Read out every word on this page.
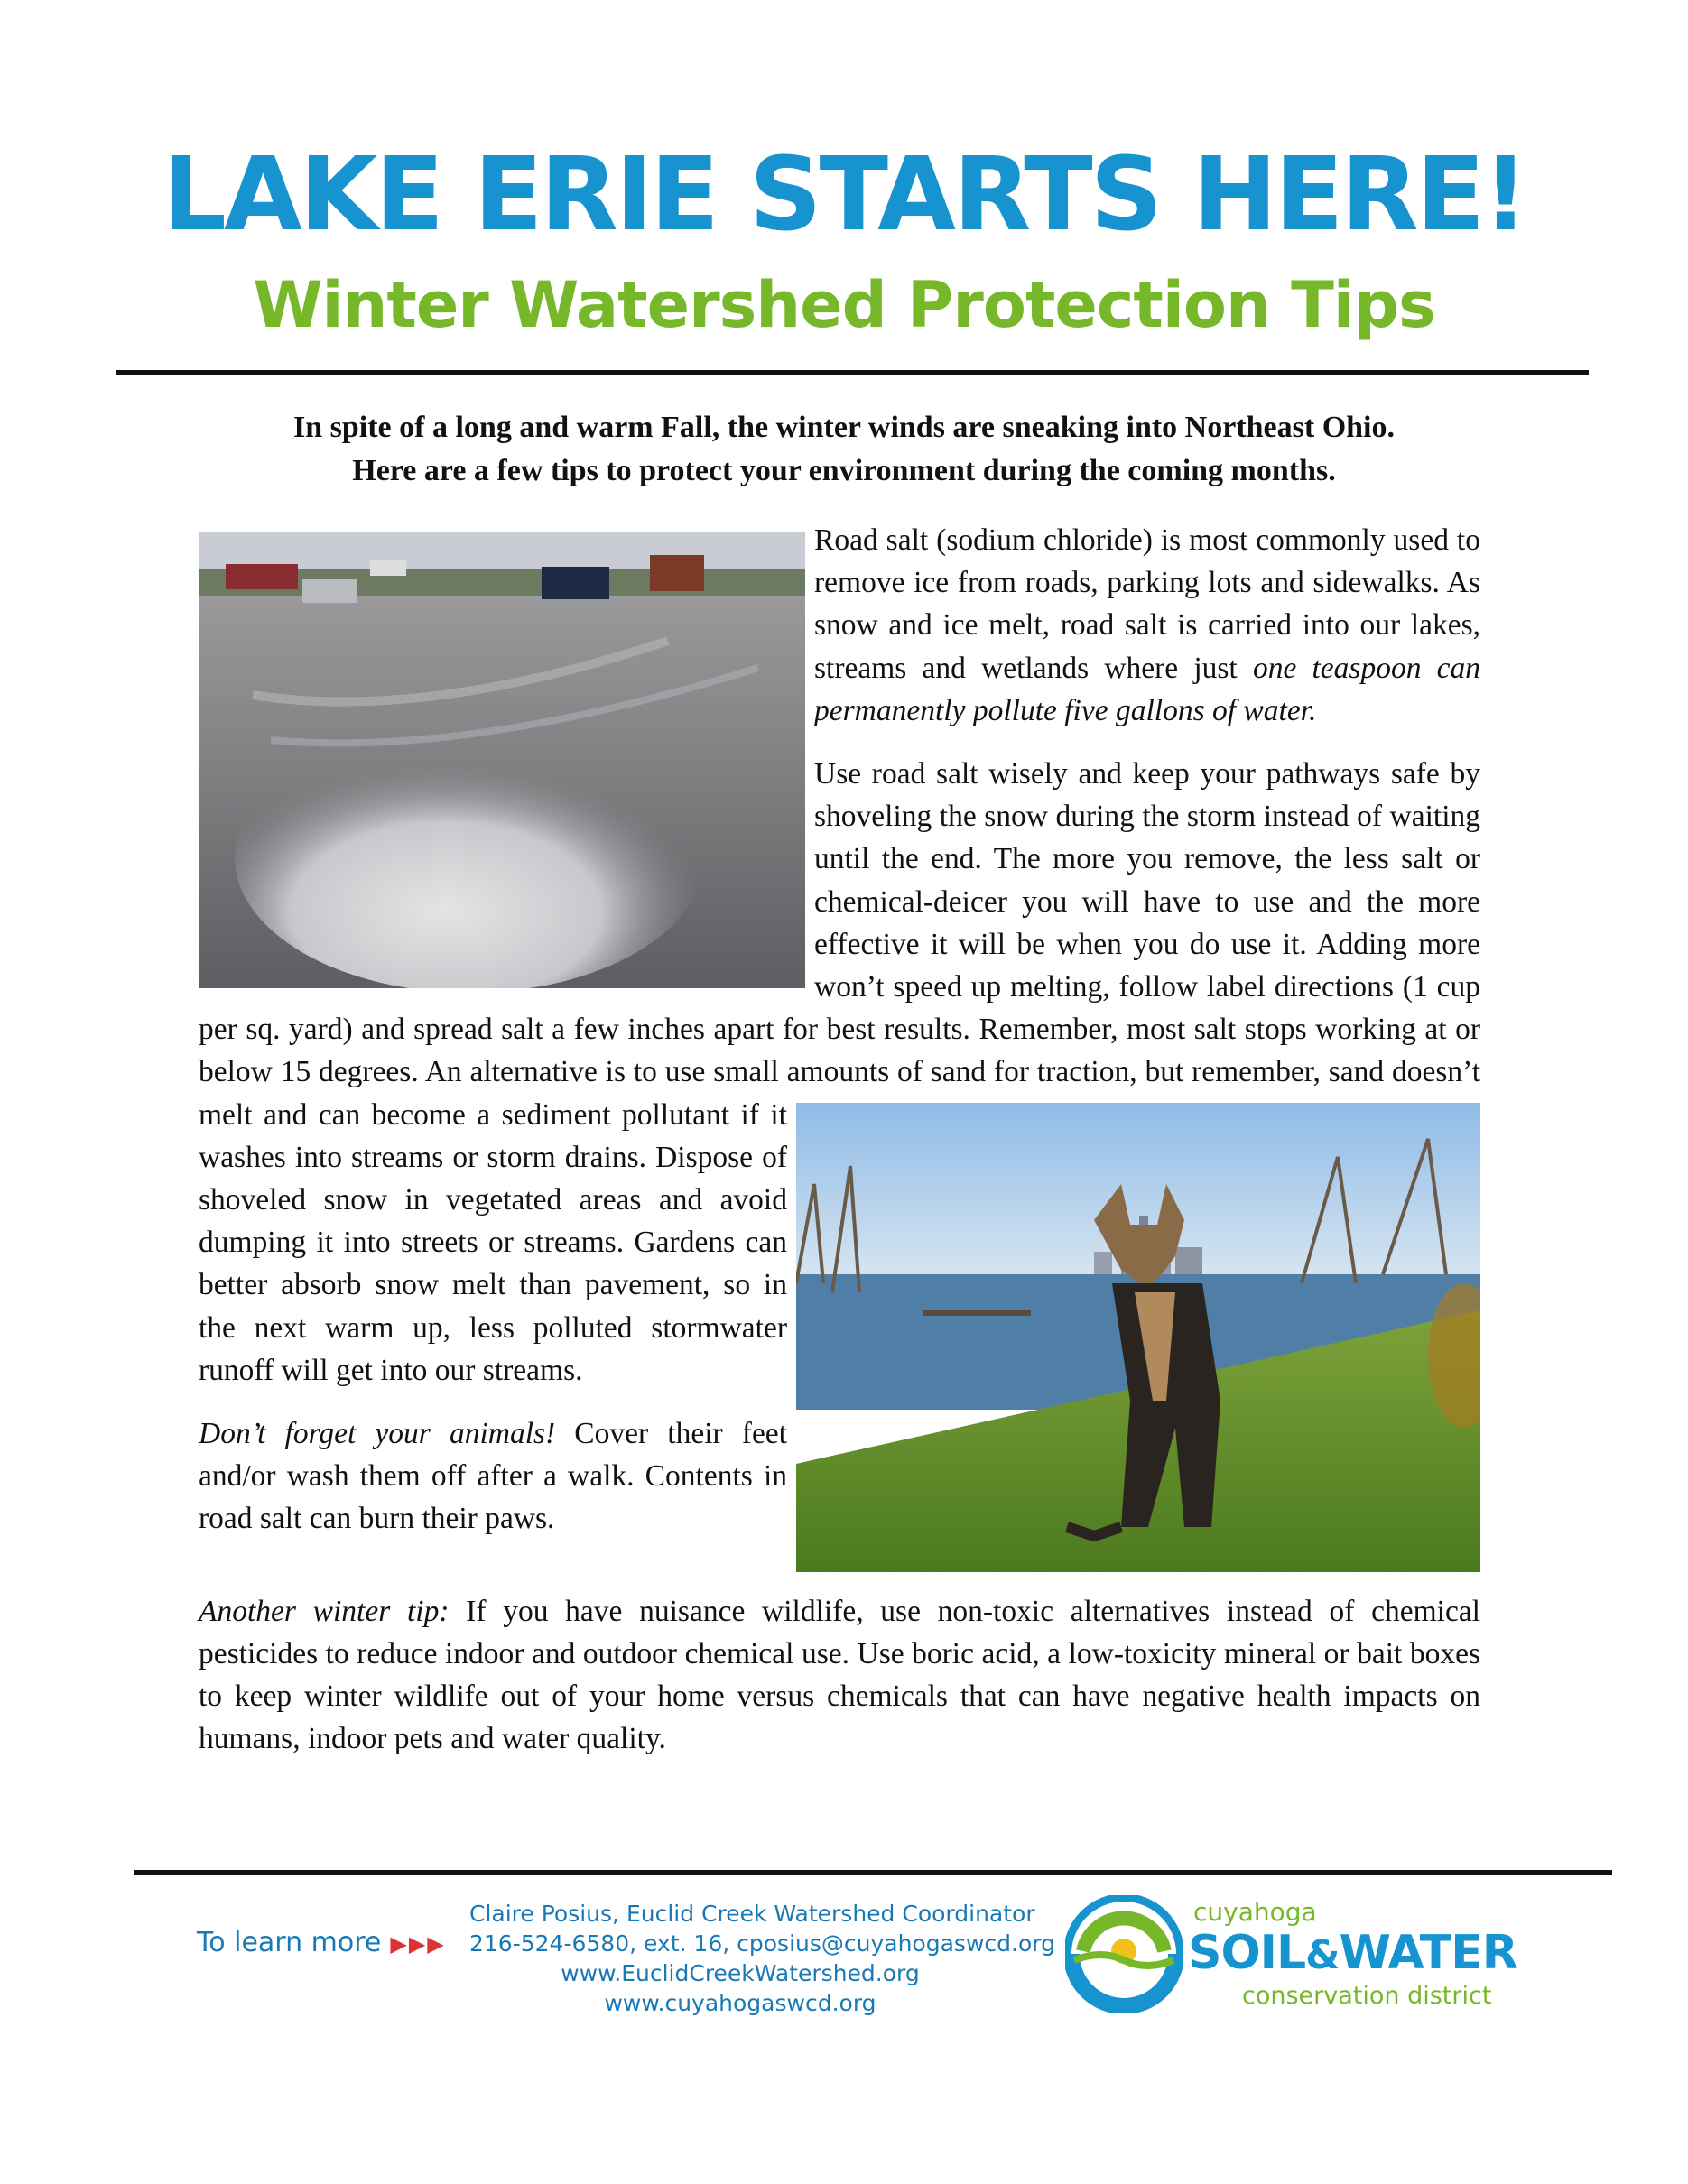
LAKE ERIE STARTS HERE!
Winter Watershed Protection Tips
In spite of a long and warm Fall, the winter winds are sneaking into Northeast Ohio.
Here are a few tips to protect your environment during the coming months.

Road salt (sodium chloride) is most commonly used to remove ice from roads, parking lots and sidewalks. As snow and ice melt, road salt is carried into our lakes, streams and wetlands where just one teaspoon can permanently pollute five gallons of water.

Use road salt wisely and keep your pathways safe by shoveling the snow during the storm instead of waiting until the end. The more you remove, the less salt or chemical-deicer you will have to use and the more effective it will be when you do use it. Adding more won’t speed up melting, follow label directions (1 cup per sq. yard) and spread salt a few inches apart for best results. Remember, most salt stops working at or below 15 degrees. An alternative is to use small amounts of sand for traction, but remember, sand
doesn’t melt and can become a sediment pollutant if it washes into streams or storm drains. Dispose of shoveled snow in vegetated areas and avoid dumping it into streets or streams. Gardens can better absorb snow melt than pavement, so in the next warm up, less polluted stormwater runoff will get into our streams.

Don’t forget your animals! Cover their feet and/or wash them off after a walk. Contents in road salt can burn their paws.

Another winter tip: If you have nuisance wildlife, use non-toxic alternatives instead of chemical pesticides to reduce indoor and outdoor chemical use. Use boric acid, a low-toxicity mineral or bait boxes to keep winter wildlife out of your home versus chemicals that can have negative health impacts on humans, indoor pets and water quality.

To learn more ▶▶▶
Claire Posius, Euclid Creek Watershed Coordinator
216-524-6580, ext. 16, cposius@cuyahogaswcd.org
www.EuclidCreekWatershed.org
www.cuyahogaswcd.org
cuyahoga
SOIL&WATER
conservation district
